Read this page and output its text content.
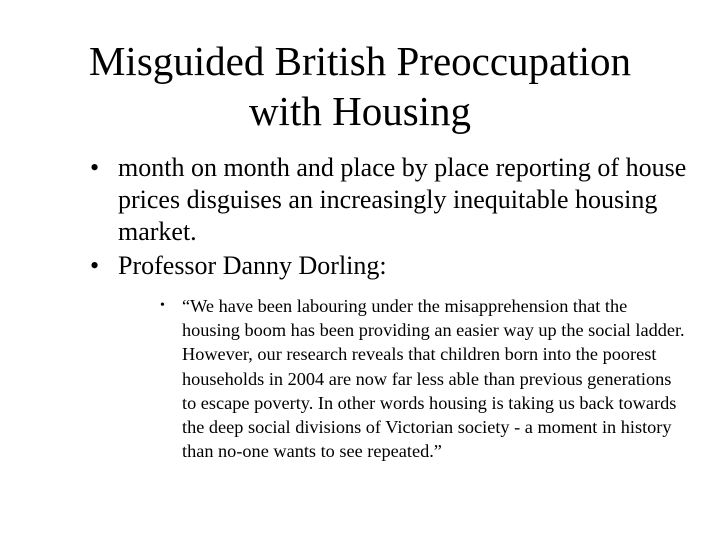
Misguided British Preoccupation
with Housing
• month on month and place by place reporting of house prices disguises an increasingly inequitable housing market.
• Professor Danny Dorling:
• “We have been labouring under the misapprehension that the housing boom has been providing an easier way up the social ladder. However, our research reveals that children born into the poorest households in 2004 are now far less able than previous generations to escape poverty. In other words housing is taking us back towards the deep social divisions of Victorian society - a moment in history than no-one wants to see repeated.”
